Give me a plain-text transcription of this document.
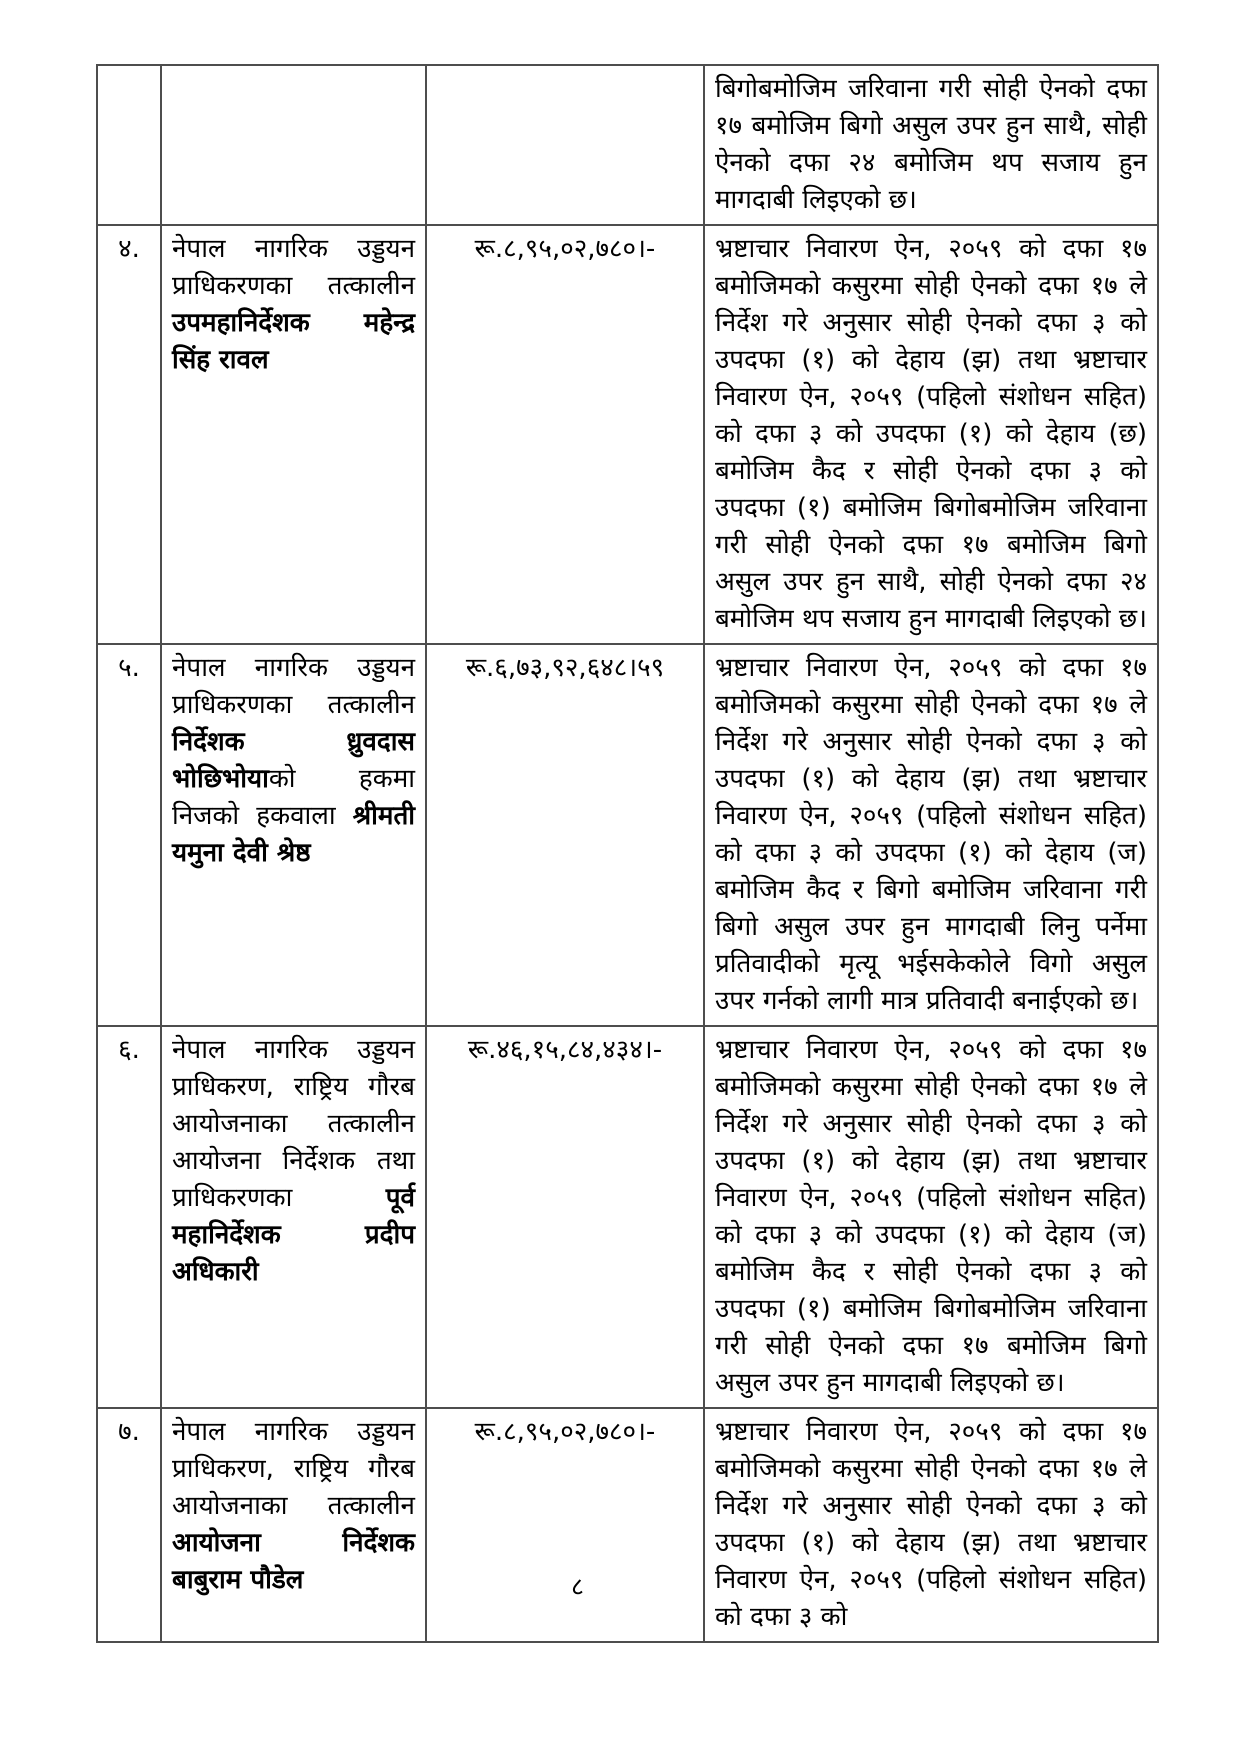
			बिगोबमोजिम जरिवाना गरी सोही ऐनको दफा १७ बमोजिम बिगो असुल उपर हुन साथै, सोही ऐनको दफा २४ बमोजिम थप सजाय हुन मागदाबी लिइएको छ।
४.	नेपाल नागरिक उड्डयन प्राधिकरणका तत्कालीन उपमहानिर्देशक महेन्द्र सिंह रावल	रू.८,९५,०२,७८०।-	भ्रष्टाचार निवारण ऐन, २०५९ को दफा १७ बमोजिमको कसुरमा सोही ऐनको दफा १७ ले निर्देश गरे अनुसार सोही ऐनको दफा ३ को उपदफा (१) को देहाय (झ) तथा भ्रष्टाचार निवारण ऐन, २०५९ (पहिलो संशोधन सहित) को दफा ३ को उपदफा (१) को देहाय (छ) बमोजिम कैद र सोही ऐनको दफा ३ को उपदफा (१) बमोजिम बिगोबमोजिम जरिवाना गरी सोही ऐनको दफा १७ बमोजिम बिगो असुल उपर हुन साथै, सोही ऐनको दफा २४ बमोजिम थप सजाय हुन मागदाबी लिइएको छ।
५.	नेपाल नागरिक उड्डयन प्राधिकरणका तत्कालीन निर्देशक ध्रुवदास भोछिभोयाको हकमा निजको हकवाला श्रीमती यमुना देवी श्रेष्ठ	रू.६,७३,९२,६४८।५९	भ्रष्टाचार निवारण ऐन, २०५९ को दफा १७ बमोजिमको कसुरमा सोही ऐनको दफा १७ ले निर्देश गरे अनुसार सोही ऐनको दफा ३ को उपदफा (१) को देहाय (झ) तथा भ्रष्टाचार निवारण ऐन, २०५९ (पहिलो संशोधन सहित) को दफा ३ को उपदफा (१) को देहाय (ज) बमोजिम कैद र बिगो बमोजिम जरिवाना गरी बिगो असुल उपर हुन मागदाबी लिनु पर्नेमा प्रतिवादीको मृत्यू भईसकेकोले विगो असुल उपर गर्नको लागी मात्र प्रतिवादी बनाईएको छ।
६.	नेपाल नागरिक उड्डयन प्राधिकरण, राष्ट्रिय गौरब आयोजनाका तत्कालीन आयोजना निर्देशक तथा प्राधिकरणका पूर्व महानिर्देशक प्रदीप अधिकारी	रू.४६,१५,८४,४३४।-	भ्रष्टाचार निवारण ऐन, २०५९ को दफा १७ बमोजिमको कसुरमा सोही ऐनको दफा १७ ले निर्देश गरे अनुसार सोही ऐनको दफा ३ को उपदफा (१) को देहाय (झ) तथा भ्रष्टाचार निवारण ऐन, २०५९ (पहिलो संशोधन सहित) को दफा ३ को उपदफा (१) को देहाय (ज) बमोजिम कैद र सोही ऐनको दफा ३ को उपदफा (१) बमोजिम बिगोबमोजिम जरिवाना गरी सोही ऐनको दफा १७ बमोजिम बिगो असुल उपर हुन मागदाबी लिइएको छ।
७.	नेपाल नागरिक उड्डयन प्राधिकरण, राष्ट्रिय गौरब आयोजनाका तत्कालीन आयोजना निर्देशक बाबुराम पौडेल	रू.८,९५,०२,७८०।-	भ्रष्टाचार निवारण ऐन, २०५९ को दफा १७ बमोजिमको कसुरमा सोही ऐनको दफा १७ ले निर्देश गरे अनुसार सोही ऐनको दफा ३ को उपदफा (१) को देहाय (झ) तथा भ्रष्टाचार निवारण ऐन, २०५९ (पहिलो संशोधन सहित) को दफा ३ को
८
